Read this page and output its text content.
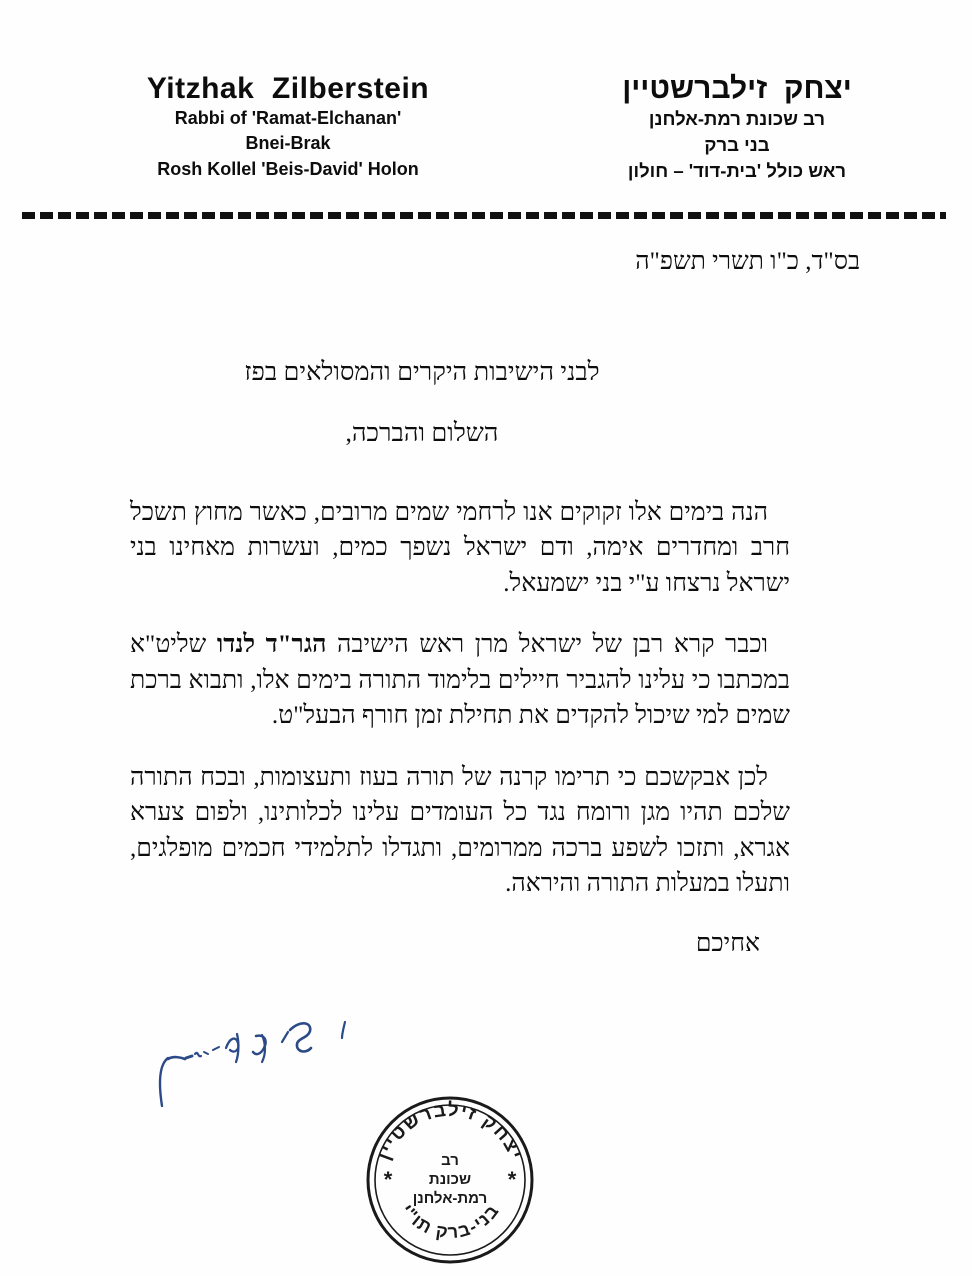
Yitzhak  Zilberstein
Rabbi of 'Ramat-Elchanan'
Bnei-Brak
Rosh Kollel 'Beis-David' Holon
יצחק  זילברשטיין
רב שכונת רמת-אלחנן
בני ברק
ראש כולל 'בית-דוד' – חולון

בס"ד, כ"ו תשרי תשפ"ה

לבני הישיבות היקרים והמסולאים בפז

השלום והברכה,

הנה בימים אלו זקוקים אנו לרחמי שמים מרובים, כאשר מחוץ תשכל חרב ומחדרים אימה, ודם ישראל נשפך כמים, ועשרות מאחינו בני ישראל נרצחו ע"י בני ישמעאל.

וכבר קרא רבן של ישראל מרן ראש הישיבה הגר"ד לנדו שליט"א במכתבו כי עלינו להגביר חיילים בלימוד התורה בימים אלו, ותבוא ברכת שמים למי שיכול להקדים את תחילת זמן חורף הבעל"ט.

לכן אבקשכם כי תרימו קרנה של תורה בעוז ותעצומות, ובכח התורה שלכם תהיו מגן ורומח נגד כל העומדים עלינו לכלותינו, ולפום צערא אגרא, ותזכו לשפע ברכה ממרומים, ותגדלו לתלמידי חכמים מופלגים, ותעלו במעלות התורה והיראה.

אחיכם

יצחק זילברשטיין
בני-ברק תו"י
*	*
רב
שכונת
רמת-אלחנן
